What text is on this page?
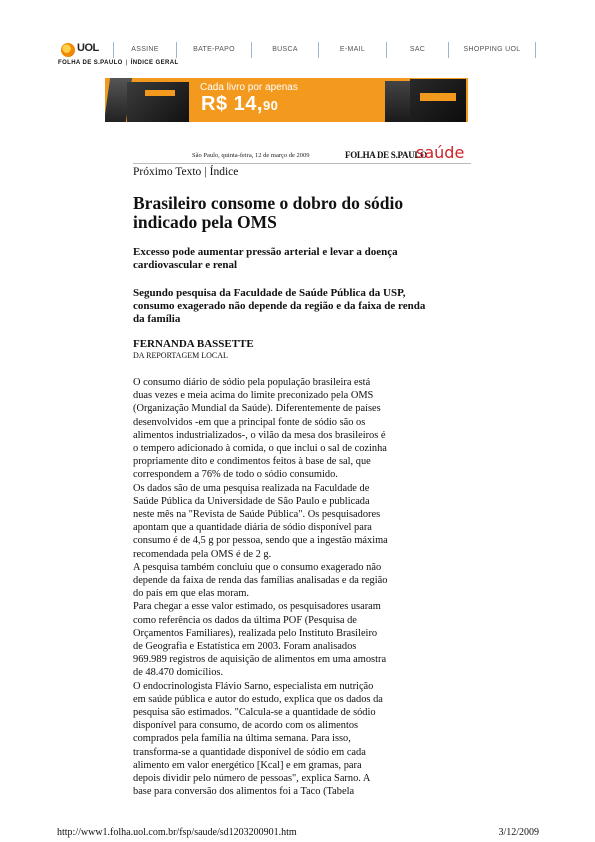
UOL	ASSINE	BATE-PAPO	BUSCA	E-MAIL	SAC	SHOPPING UOL
FOLHA DE S.PAULO | ÍNDICE GERAL
Cada livro por apenas
R$ 14,90
São Paulo, quinta-feira, 12 de março de 2009	FOLHA DE S.PAULO
saúde
Próximo Texto | Índice
Brasileiro consome o dobro do sódio indicado pela OMS

Excesso pode aumentar pressão arterial e levar a doença cardiovascular e renal

Segundo pesquisa da Faculdade de Saúde Pública da USP, consumo exagerado não depende da região e da faixa de renda da família

FERNANDA BASSETTE
DA REPORTAGEM LOCAL
O consumo diário de sódio pela população brasileira está
duas vezes e meia acima do limite preconizado pela OMS
(Organização Mundial da Saúde). Diferentemente de países
desenvolvidos -em que a principal fonte de sódio são os
alimentos industrializados-, o vilão da mesa dos brasileiros é
o tempero adicionado à comida, o que inclui o sal de cozinha
propriamente dito e condimentos feitos à base de sal, que
correspondem a 76% de todo o sódio consumido.
Os dados são de uma pesquisa realizada na Faculdade de
Saúde Pública da Universidade de São Paulo e publicada
neste mês na "Revista de Saúde Pública". Os pesquisadores
apontam que a quantidade diária de sódio disponível para
consumo é de 4,5 g por pessoa, sendo que a ingestão máxima
recomendada pela OMS é de 2 g.
A pesquisa também concluiu que o consumo exagerado não
depende da faixa de renda das famílias analisadas e da região
do país em que elas moram.
Para chegar a esse valor estimado, os pesquisadores usaram
como referência os dados da última POF (Pesquisa de
Orçamentos Familiares), realizada pelo Instituto Brasileiro
de Geografia e Estatística em 2003. Foram analisados
969.989 registros de aquisição de alimentos em uma amostra
de 48.470 domicílios.
O endocrinologista Flávio Sarno, especialista em nutrição
em saúde pública e autor do estudo, explica que os dados da
pesquisa são estimados. "Calcula-se a quantidade de sódio
disponível para consumo, de acordo com os alimentos
comprados pela família na última semana. Para isso,
transforma-se a quantidade disponível de sódio em cada
alimento em valor energético [Kcal] e em gramas, para
depois dividir pelo número de pessoas", explica Sarno. A
base para conversão dos alimentos foi a Taco (Tabela
http://www1.folha.uol.com.br/fsp/saude/sd1203200901.htm	3/12/2009
